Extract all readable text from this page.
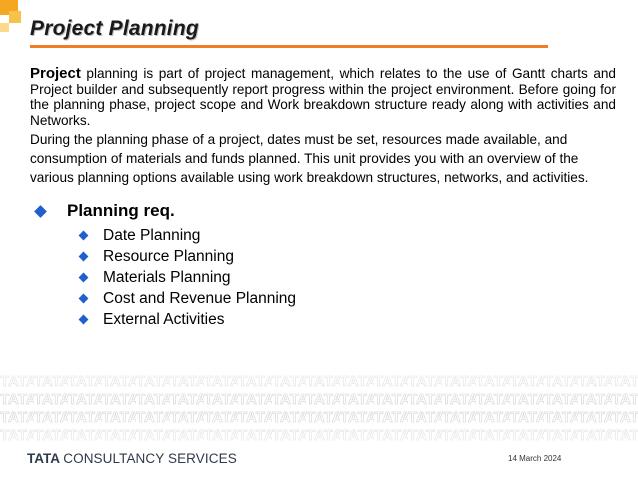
Project Planning

Project planning is part of project management, which relates to the use of Gantt charts and Project builder and subsequently report progress within the project environment. Before going for the planning phase, project scope and Work breakdown structure ready along with activities and Networks.

During the planning phase of a project, dates must be set, resources made available, and consumption of materials and funds planned. This unit provides you with an overview of the various planning options available using work breakdown structures, networks, and activities.

Planning req.
Date Planning
Resource Planning
Materials Planning
Cost and Revenue Planning
External Activities
TATA CONSULTANCY SERVICES	14 March 2024
